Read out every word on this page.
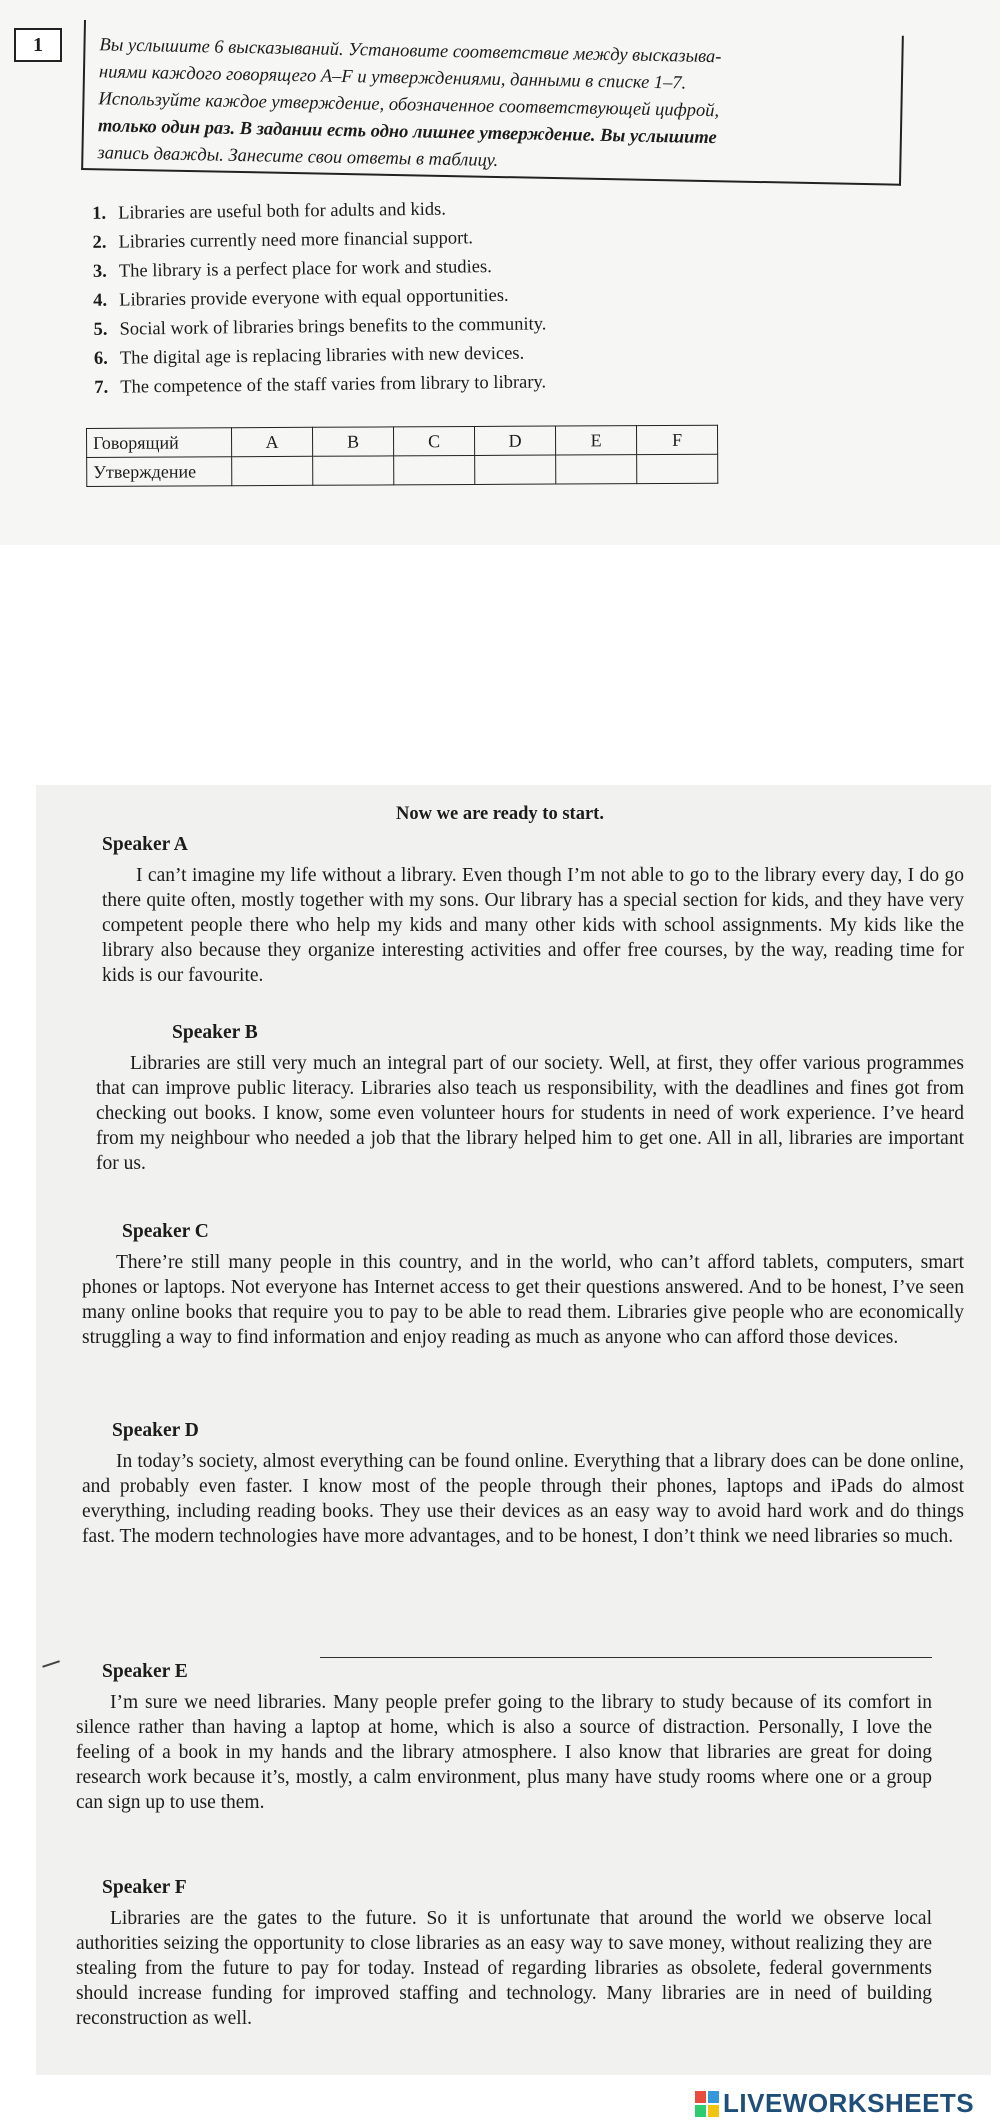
1	Вы услышите 6 высказываний. Установите соответствие между высказыва-
ниями каждого говорящего A–F и утверждениями, данными в списке 1–7.
Используйте каждое утверждение, обозначенное соответствующей цифрой,
только один раз. В задании есть одно лишнее утверждение. Вы услышите
запись дважды. Занесите свои ответы в таблицу.
1. Libraries are useful both for adults and kids.
2. Libraries currently need more financial support.
3. The library is a perfect place for work and studies.
4. Libraries provide everyone with equal opportunities.
5. Social work of libraries brings benefits to the community.
6. The digital age is replacing libraries with new devices.
7. The competence of the staff varies from library to library.
Говорящий	A	B	C	D	E	F
Утверждение						
Now we are ready to start.
Speaker A

I can’t imagine my life without a library. Even though I’m not able to go to the library every day, I do go there quite often, mostly together with my sons. Our library has a special section for kids, and they have very competent people there who help my kids and many other kids with school assignments. My kids like the library also because they organize interesting activities and offer free courses, by the way, reading time for kids is our favourite.

Speaker B

Libraries are still very much an integral part of our society. Well, at first, they offer various programmes that can improve public literacy. Libraries also teach us responsibility, with the deadlines and fines got from checking out books. I know, some even volunteer hours for students in need of work experience. I’ve heard from my neighbour who needed a job that the library helped him to get one. All in all, libraries are important for us.

Speaker C

There’re still many people in this country, and in the world, who can’t afford tablets, computers, smart phones or laptops. Not everyone has Internet access to get their questions answered. And to be honest, I’ve seen many online books that require you to pay to be able to read them. Libraries give people who are economically struggling a way to find information and enjoy reading as much as anyone who can afford those devices.

Speaker D

In today’s society, almost everything can be found online. Everything that a library does can be done online, and probably even faster. I know most of the people through their phones, laptops and iPads do almost everything, including reading books. They use their devices as an easy way to avoid hard work and do things fast. The modern technologies have more advantages, and to be honest, I don’t think we need libraries so much.

Speaker E

I’m sure we need libraries. Many people prefer going to the library to study because of its comfort in silence rather than having a laptop at home, which is also a source of distraction. Personally, I love the feeling of a book in my hands and the library atmosphere. I also know that libraries are great for doing research work because it’s, mostly, a calm environment, plus many have study rooms where one or a group can sign up to use them.

Speaker F

Libraries are the gates to the future. So it is unfortunate that around the world we observe local authorities seizing the opportunity to close libraries as an easy way to save money, without realizing they are stealing from the future to pay for today. Instead of regarding libraries as obsolete, federal governments should increase funding for improved staffing and technology. Many libraries are in need of building reconstruction as well.

LIVEWORKSHEETS
